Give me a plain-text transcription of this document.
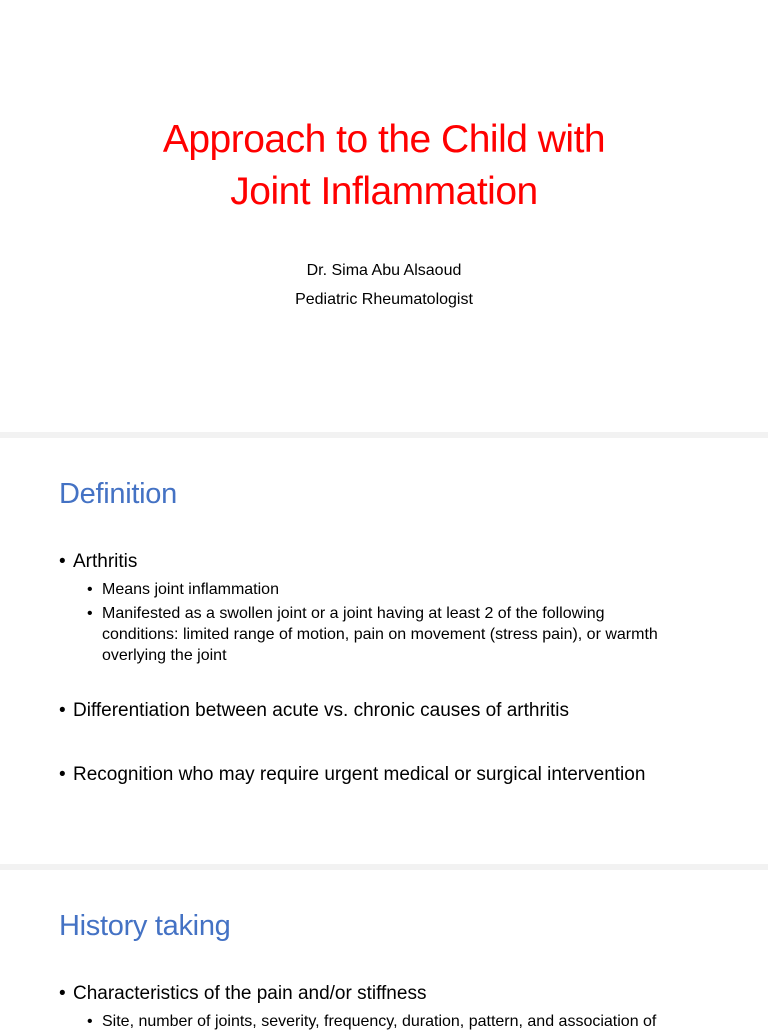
Approach to the Child with
Joint Inflammation

Dr. Sima Abu Alsaoud
Pediatric Rheumatologist

Definition
• Arthritis
• Means joint inflammation
• Manifested as a swollen joint or a joint having at least 2 of the following conditions: limited range of motion, pain on movement (stress pain), or warmth overlying the joint
• Differentiation between acute vs. chronic causes of arthritis
• Recognition who may require urgent medical or surgical intervention
History taking
• Characteristics of the pain and/or stiffness
• Site, number of joints, severity, frequency, duration, pattern, and association of
